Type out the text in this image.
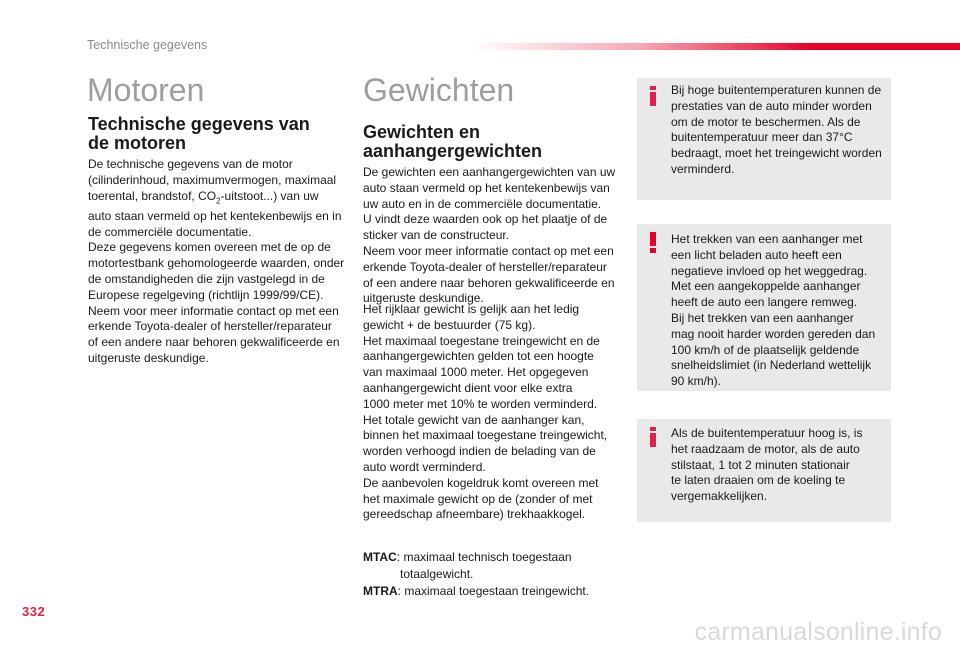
Technische gegevens
Motoren
Technische gegevens van
de motoren

De technische gegevens van de motor
(cilinderinhoud, maximumvermogen, maximaal
toerental, brandstof, $CO_2-uitstoot$...) van uw
auto staan vermeld op het kentekenbewijs en in
de commerciële documentatie.
Deze gegevens komen overeen met de op de
motortestbank gehomologeerde waarden, onder
de omstandigheden die zijn vastgelegd in de
Europese regelgeving (richtlijn 1999/99/CE).
Neem voor meer informatie contact op met een
erkende Toyota-dealer of hersteller/reparateur
of een andere naar behoren gekwalificeerde en
uitgeruste deskundige.

Gewichten
Gewichten en
aanhangergewichten

De gewichten een aanhangergewichten van uw
auto staan vermeld op het kentekenbewijs van
uw auto en in de commerciële documentatie.
U vindt deze waarden ook op het plaatje of de
sticker van de constructeur.
Neem voor meer informatie contact op met een
erkende Toyota-dealer of hersteller/reparateur
of een andere naar behoren gekwalificeerde en
uitgeruste deskundige.

Het rijklaar gewicht is gelijk aan het ledig
gewicht + de bestuurder (75 kg).
Het maximaal toegestane treingewicht en de
aanhangergewichten gelden tot een hoogte
van maximaal 1000 meter. Het opgegeven
aanhangergewicht dient voor elke extra
1000 meter met 10% te worden verminderd.
Het totale gewicht van de aanhanger kan,
binnen het maximaal toegestane treingewicht,
worden verhoogd indien de belading van de
auto wordt verminderd.
De aanbevolen kogeldruk komt overeen met
het maximale gewicht op de (zonder of met
gereedschap afneembare) trekhaakkogel.

MTAC: maximaal technisch toegestaan
totaalgewicht.
MTRA: maximaal toegestaan treingewicht.

Bij hoge buitentemperaturen kunnen de
prestaties van de auto minder worden
om de motor te beschermen. Als de
buitentemperatuur meer dan 37°C
bedraagt, moet het treingewicht worden
verminderd.

Het trekken van een aanhanger met
een licht beladen auto heeft een
negatieve invloed op het weggedrag.
Met een aangekoppelde aanhanger
heeft de auto een langere remweg.
Bij het trekken van een aanhanger
mag nooit harder worden gereden dan
100 km/h of de plaatselijk geldende
snelheidslimiet (in Nederland wettelijk
90 km/h).

Als de buitentemperatuur hoog is, is
het raadzaam de motor, als de auto
stilstaat, 1 tot 2 minuten stationair
te laten draaien om de koeling te
vergemakkelijken.

332
carmanualsonline.info
